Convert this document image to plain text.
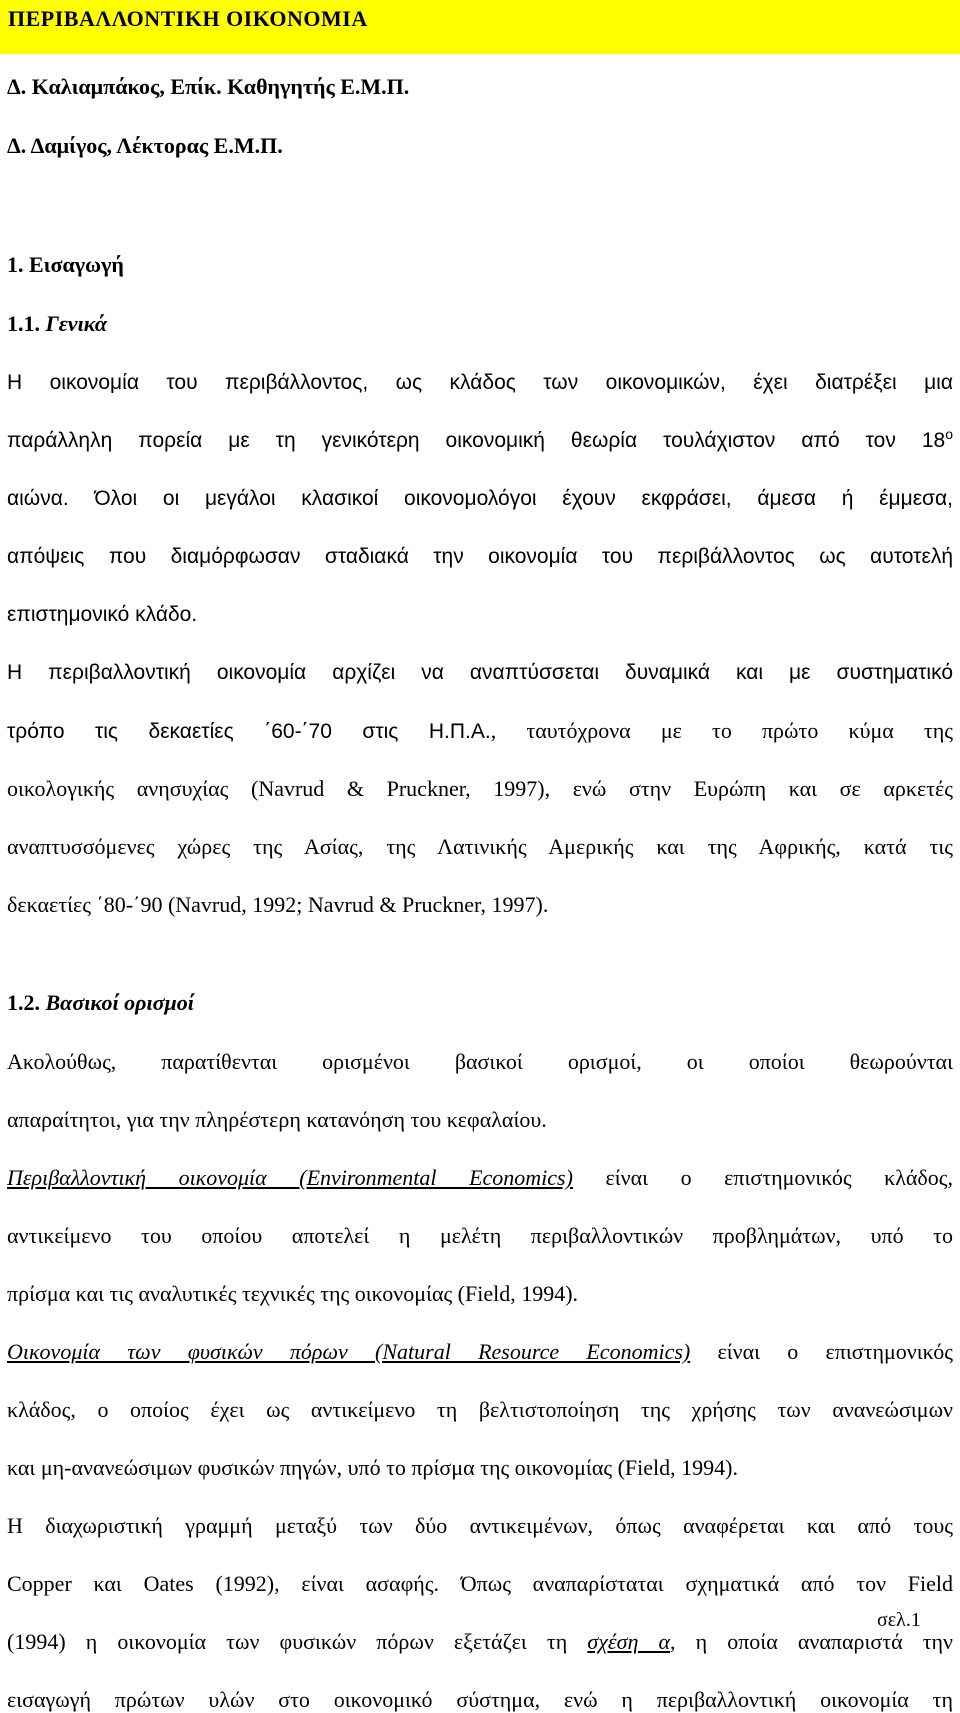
ΠΕΡΙΒΑΛΛΟΝΤΙΚΗ ΟΙΚΟΝΟΜΙΑ
Δ. Καλιαμπάκος, Επίκ. Καθηγητής Ε.Μ.Π.
Δ. Δαμίγος, Λέκτορας Ε.Μ.Π.
1. Εισαγωγή
1.1. Γενικά
Η οικονομία του περιβάλλοντος, ως κλάδος των οικονομικών, έχει διατρέξει μια
παράλληλη πορεία με τη γενικότερη οικονομική θεωρία τουλάχιστον από τον $18^o$
αιώνα. Όλοι οι μεγάλοι κλασικοί οικονομολόγοι έχουν εκφράσει, άμεσα ή έμμεσα,
απόψεις που διαμόρφωσαν σταδιακά την οικονομία του περιβάλλοντος ως αυτοτελή
επιστημονικό κλάδο.
Η περιβαλλοντική οικονομία αρχίζει να αναπτύσσεται δυναμικά και με συστηματικό
τρόπο τις δεκαετίες ΄60-΄70 στις Η.Π.Α., ταυτόχρονα με το πρώτο κύμα της
οικολογικής ανησυχίας (Navrud & Pruckner, 1997), ενώ στην Ευρώπη και σε αρκετές
αναπτυσσόμενες χώρες της Ασίας, της Λατινικής Αμερικής και της Αφρικής, κατά τις
δεκαετίες ΄80-΄90 (Navrud, 1992; Navrud & Pruckner, 1997).
1.2. Βασικοί ορισμοί
Ακολούθως, παρατίθενται ορισμένοι βασικοί ορισμοί, οι οποίοι θεωρούνται
απαραίτητοι, για την πληρέστερη κατανόηση του κεφαλαίου.
Περιβαλλοντική οικονομία (Environmental Economics) είναι ο επιστημονικός κλάδος,
αντικείμενο του οποίου αποτελεί η μελέτη περιβαλλοντικών προβλημάτων, υπό το
πρίσμα και τις αναλυτικές τεχνικές της οικονομίας (Field, 1994).
Οικονομία των φυσικών πόρων (Natural Resource Economics) είναι ο επιστημονικός
κλάδος, ο οποίος έχει ως αντικείμενο τη βελτιστοποίηση της χρήσης των ανανεώσιμων
και μη-ανανεώσιμων φυσικών πηγών, υπό το πρίσμα της οικονομίας (Field, 1994).
Η διαχωριστική γραμμή μεταξύ των δύο αντικειμένων, όπως αναφέρεται και από τους
Copper και Oates (1992), είναι ασαφής. Όπως αναπαρίσταται σχηματικά από τον Field
(1994) η οικονομία των φυσικών πόρων εξετάζει τη σχέση α, η οποία αναπαριστά την
εισαγωγή πρώτων υλών στο οικονομικό σύστημα, ενώ η περιβαλλοντική οικονομία τη
σελ.1
